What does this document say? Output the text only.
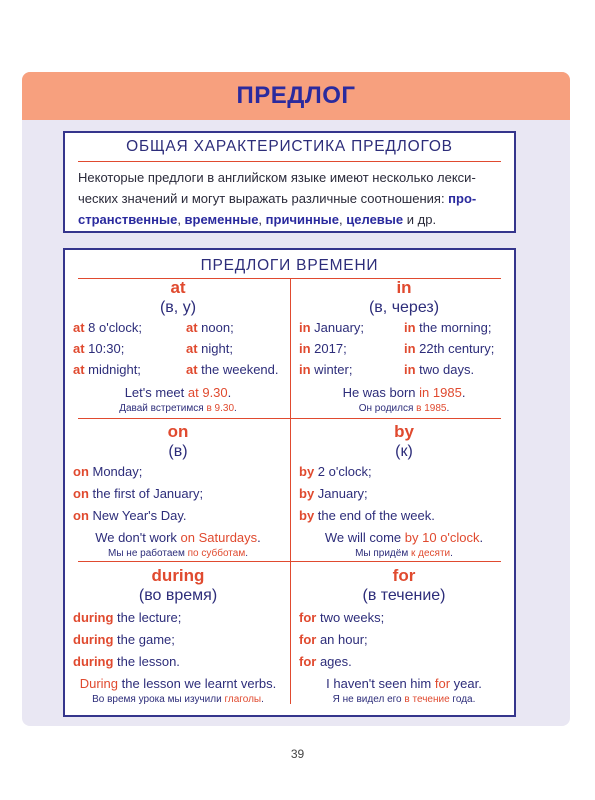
ПРЕДЛОГ
ОБЩАЯ ХАРАКТЕРИСТИКА ПРЕДЛОГОВ
Некоторые предлоги в английском языке имеют несколько лекси-
ческих значений и могут выражать различные соотношения: про-
странственные, временные, причинные, целевые и др.
ПРЕДЛОГИ ВРЕМЕНИ
at
(в, у)
at 8 o'clock;
at 10:30;
at midnight;
at noon;
at night;
at the weekend.
Let's meet at 9.30.
Давай встретимся в 9.30.
in
(в, через)
in January;
in 2017;
in winter;
in the morning;
in 22th century;
in two days.
He was born in 1985.
Он родился в 1985.
on
(в)
on Monday;
on the first of January;
on New Year's Day.
We don't work on Saturdays.
Мы не работаем по субботам.
by
(к)
by 2 o'clock;
by January;
by the end of the week.
We will come by 10 o'clock.
Мы придём к десяти.
during
(во время)
during the lecture;
during the game;
during the lesson.
During the lesson we learnt verbs.
Во время урока мы изучили глаголы.
for
(в течение)
for two weeks;
for an hour;
for ages.
I haven't seen him for year.
Я не видел его в течение года.
39
